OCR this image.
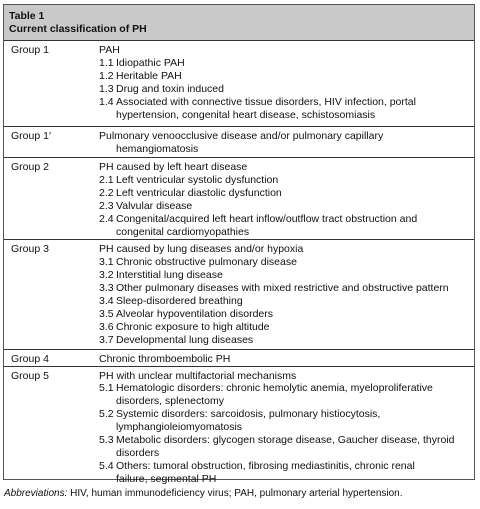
Table 1
Current classification of PH
Group 1	PAH
1.1 Idiopathic PAH
1.2 Heritable PAH
1.3 Drug and toxin induced
1.4 Associated with connective tissue disorders, HIV infection, portal
hypertension, congenital heart disease, schistosomiasis
Group 1′	Pulmonary venoocclusive disease and/or pulmonary capillary
hemangiomatosis
Group 2	PH caused by left heart disease
2.1 Left ventricular systolic dysfunction
2.2 Left ventricular diastolic dysfunction
2.3 Valvular disease
2.4 Congenital/acquired left heart inflow/outflow tract obstruction and
congenital cardiomyopathies
Group 3	PH caused by lung diseases and/or hypoxia
3.1 Chronic obstructive pulmonary disease
3.2 Interstitial lung disease
3.3 Other pulmonary diseases with mixed restrictive and obstructive pattern
3.4 Sleep-disordered breathing
3.5 Alveolar hypoventilation disorders
3.6 Chronic exposure to high altitude
3.7 Developmental lung diseases
Group 4	Chronic thromboembolic PH
Group 5	PH with unclear multifactorial mechanisms
5.1 Hematologic disorders: chronic hemolytic anemia, myeloproliferative
disorders, splenectomy
5.2 Systemic disorders: sarcoidosis, pulmonary histiocytosis,
lymphangioleiomyomatosis
5.3 Metabolic disorders: glycogen storage disease, Gaucher disease, thyroid
disorders
5.4 Others: tumoral obstruction, fibrosing mediastinitis, chronic renal
failure, segmental PH
Abbreviations: HIV, human immunodeficiency virus; PAH, pulmonary arterial hypertension.
